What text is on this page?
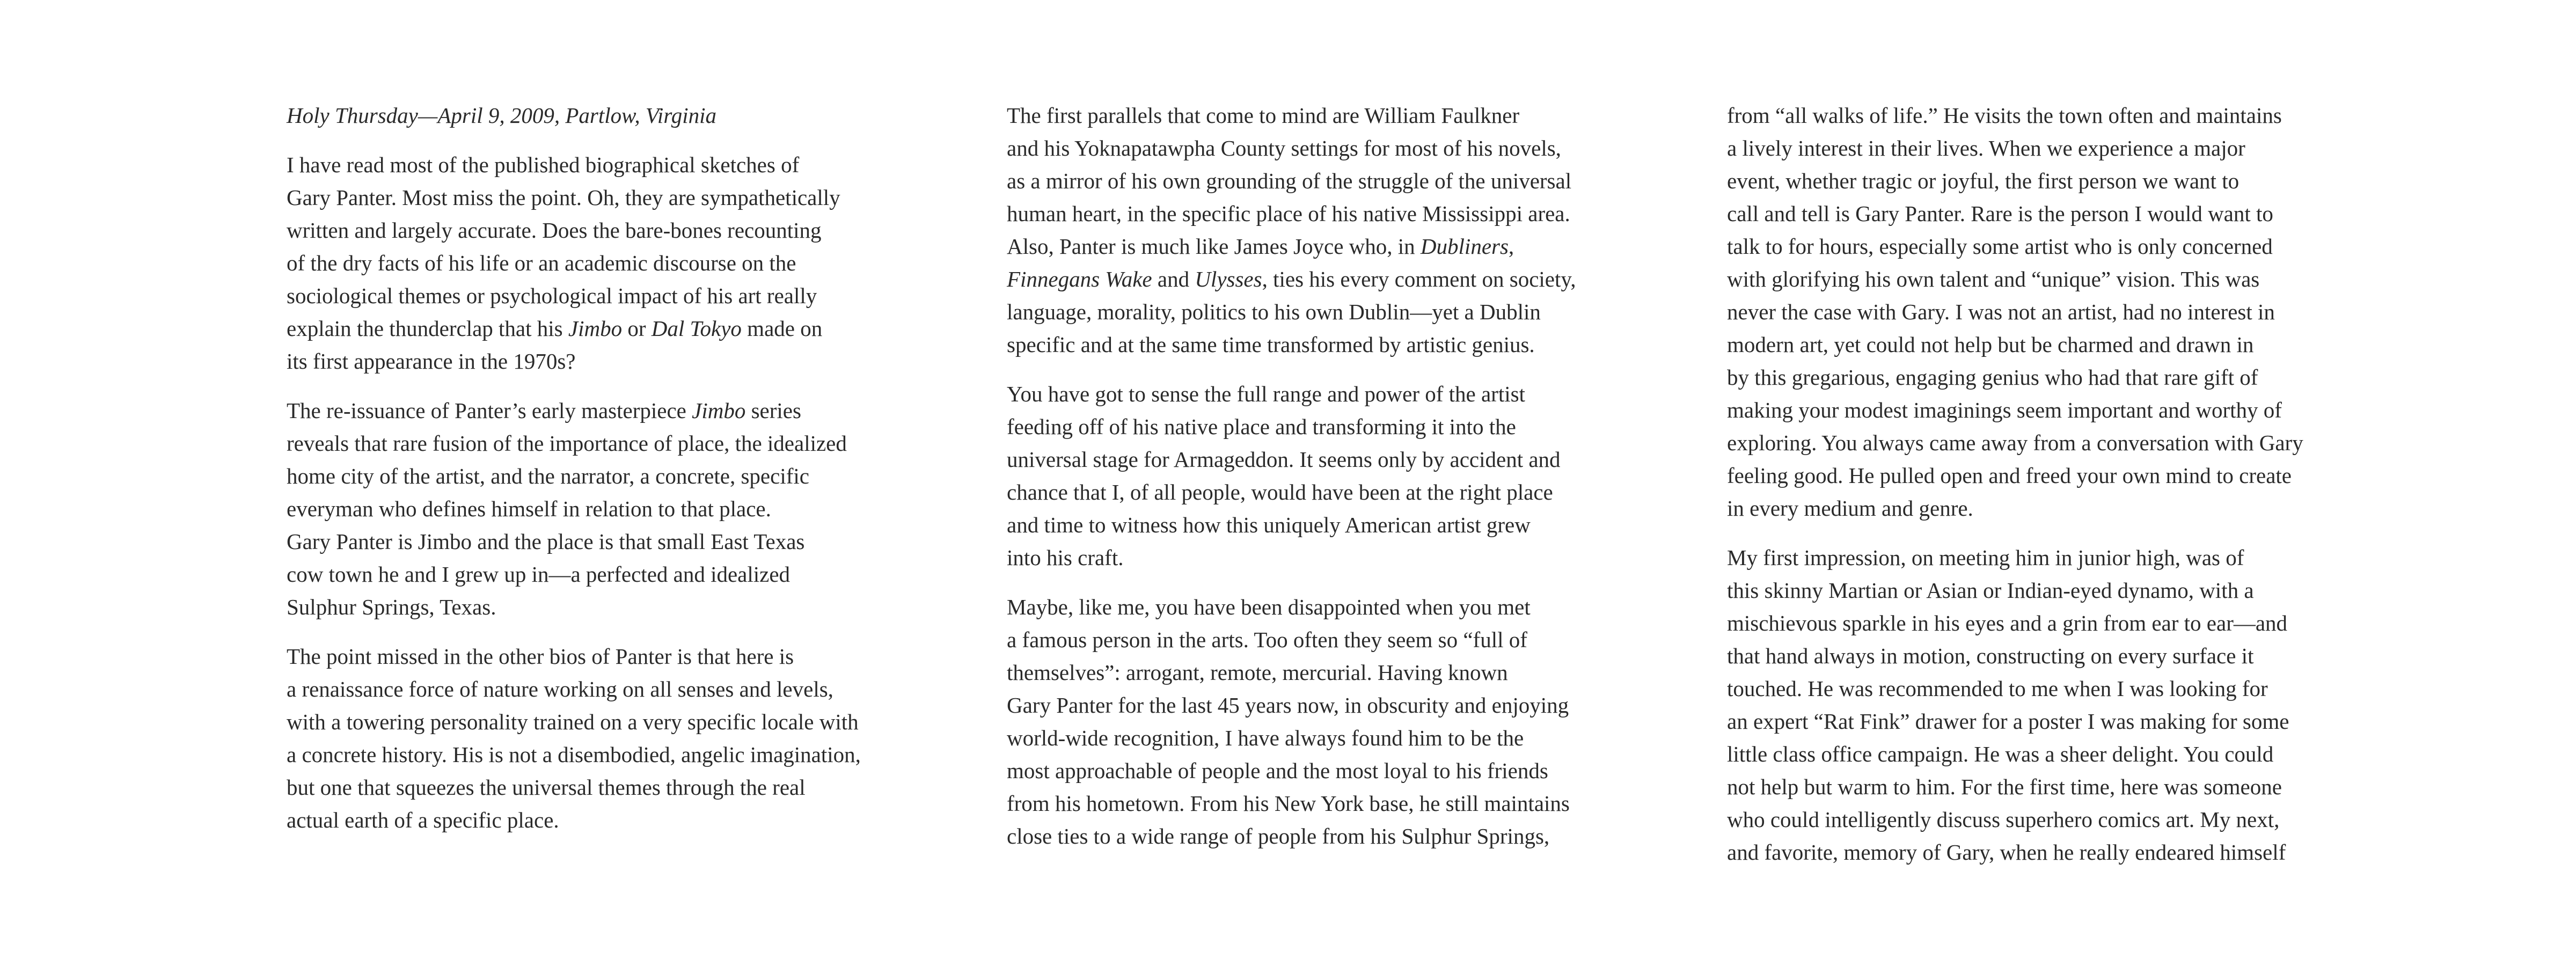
Holy Thursday—April 9, 2009, Partlow, Virginia

I have read most of the published biographical sketches of
Gary Panter. Most miss the point. Oh, they are sympathetically
written and largely accurate. Does the bare-bones recounting
of the dry facts of his life or an academic discourse on the
sociological themes or psychological impact of his art really
explain the thunderclap that his Jimbo or Dal Tokyo made on
its first appearance in the 1970s?

The re-issuance of Panter’s early masterpiece Jimbo series
reveals that rare fusion of the importance of place, the idealized
home city of the artist, and the narrator, a concrete, specific
everyman who defines himself in relation to that place.
Gary Panter is Jimbo and the place is that small East Texas
cow town he and I grew up in—a perfected and idealized
Sulphur Springs, Texas.

The point missed in the other bios of Panter is that here is
a renaissance force of nature working on all senses and levels,
with a towering personality trained on a very specific locale with
a concrete history. His is not a disembodied, angelic imagination,
but one that squeezes the universal themes through the real
actual earth of a specific place.

The first parallels that come to mind are William Faulkner
and his Yoknapatawpha County settings for most of his novels,
as a mirror of his own grounding of the struggle of the universal
human heart, in the specific place of his native Mississippi area.
Also, Panter is much like James Joyce who, in Dubliners,
Finnegans Wake and Ulysses, ties his every comment on society,
language, morality, politics to his own Dublin—yet a Dublin
specific and at the same time transformed by artistic genius.

You have got to sense the full range and power of the artist
feeding off of his native place and transforming it into the
universal stage for Armageddon. It seems only by accident and
chance that I, of all people, would have been at the right place
and time to witness how this uniquely American artist grew
into his craft.

Maybe, like me, you have been disappointed when you met
a famous person in the arts. Too often they seem so “full of
themselves”: arrogant, remote, mercurial. Having known
Gary Panter for the last 45 years now, in obscurity and enjoying
world-wide recognition, I have always found him to be the
most approachable of people and the most loyal to his friends
from his hometown. From his New York base, he still maintains
close ties to a wide range of people from his Sulphur Springs,

from “all walks of life.” He visits the town often and maintains
a lively interest in their lives. When we experience a major
event, whether tragic or joyful, the first person we want to
call and tell is Gary Panter. Rare is the person I would want to
talk to for hours, especially some artist who is only concerned
with glorifying his own talent and “unique” vision. This was
never the case with Gary. I was not an artist, had no interest in
modern art, yet could not help but be charmed and drawn in
by this gregarious, engaging genius who had that rare gift of
making your modest imaginings seem important and worthy of
exploring. You always came away from a conversation with Gary
feeling good. He pulled open and freed your own mind to create
in every medium and genre.

My first impression, on meeting him in junior high, was of
this skinny Martian or Asian or Indian-eyed dynamo, with a
mischievous sparkle in his eyes and a grin from ear to ear—and
that hand always in motion, constructing on every surface it
touched. He was recommended to me when I was looking for
an expert “Rat Fink” drawer for a poster I was making for some
little class office campaign. He was a sheer delight. You could
not help but warm to him. For the first time, here was someone
who could intelligently discuss superhero comics art. My next,
and favorite, memory of Gary, when he really endeared himself
